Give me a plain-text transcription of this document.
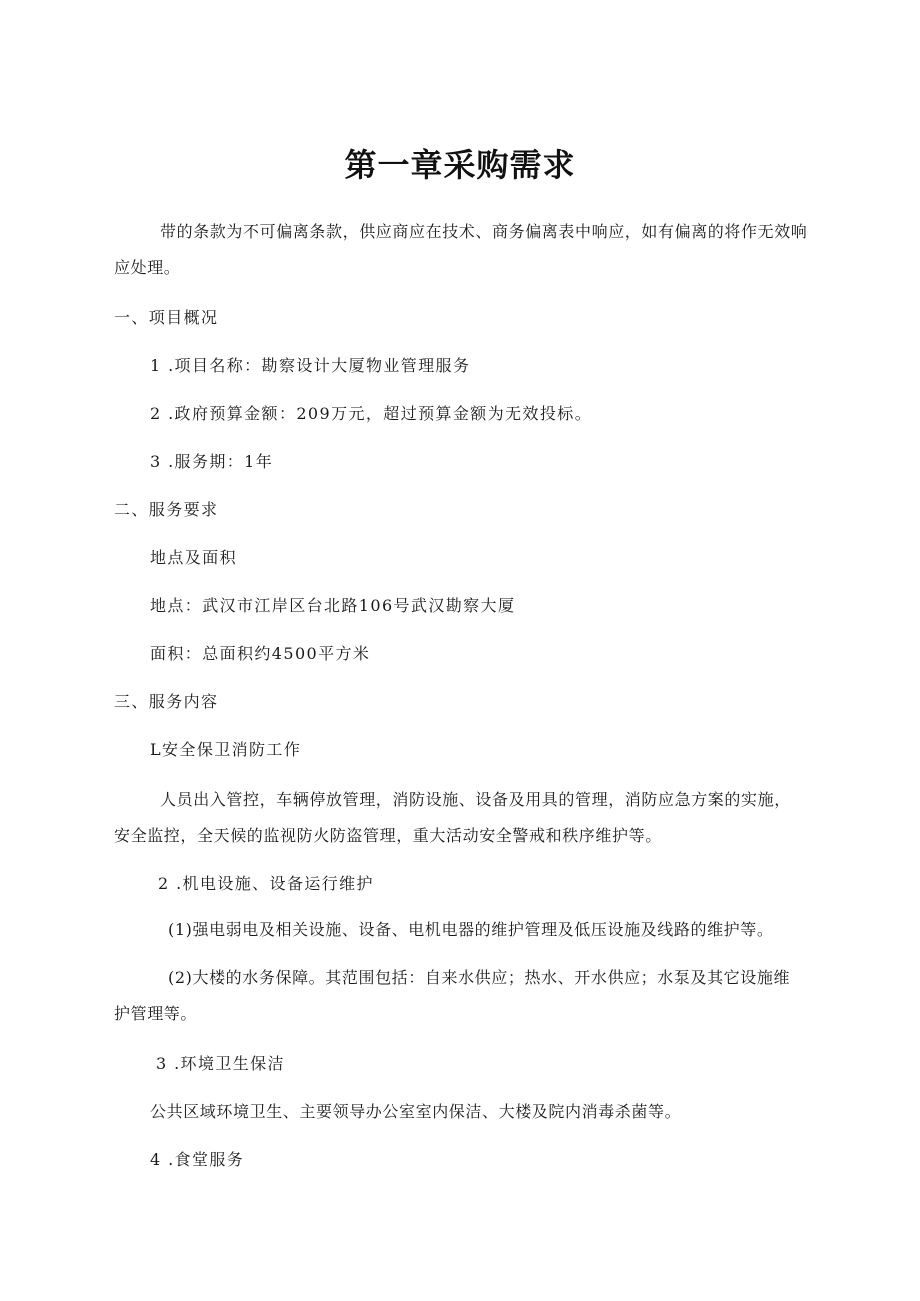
第一章采购需求

带的条款为不可偏离条款，供应商应在技术、商务偏离表中响应，如有偏离的将作无效响

应处理。

一、项目概况

1 .项目名称：勘察设计大厦物业管理服务

2 .政府预算金额：209万元，超过预算金额为无效投标。

3 .服务期：1年

二、服务要求

地点及面积

地点：武汉市江岸区台北路106号武汉勘察大厦

面积：总面积约4500平方米

三、服务内容

L安全保卫消防工作

人员出入管控，车辆停放管理，消防设施、设备及用具的管理，消防应急方案的实施，

安全监控，全天候的监视防火防盗管理，重大活动安全警戒和秩序维护等。

2 .机电设施、设备运行维护

(1)强电弱电及相关设施、设备、电机电器的维护管理及低压设施及线路的维护等。

(2)大楼的水务保障。其范围包括：自来水供应；热水、开水供应；水泵及其它设施维

护管理等。

3 .环境卫生保洁

公共区域环境卫生、主要领导办公室室内保洁、大楼及院内消毒杀菌等。

4 .食堂服务
